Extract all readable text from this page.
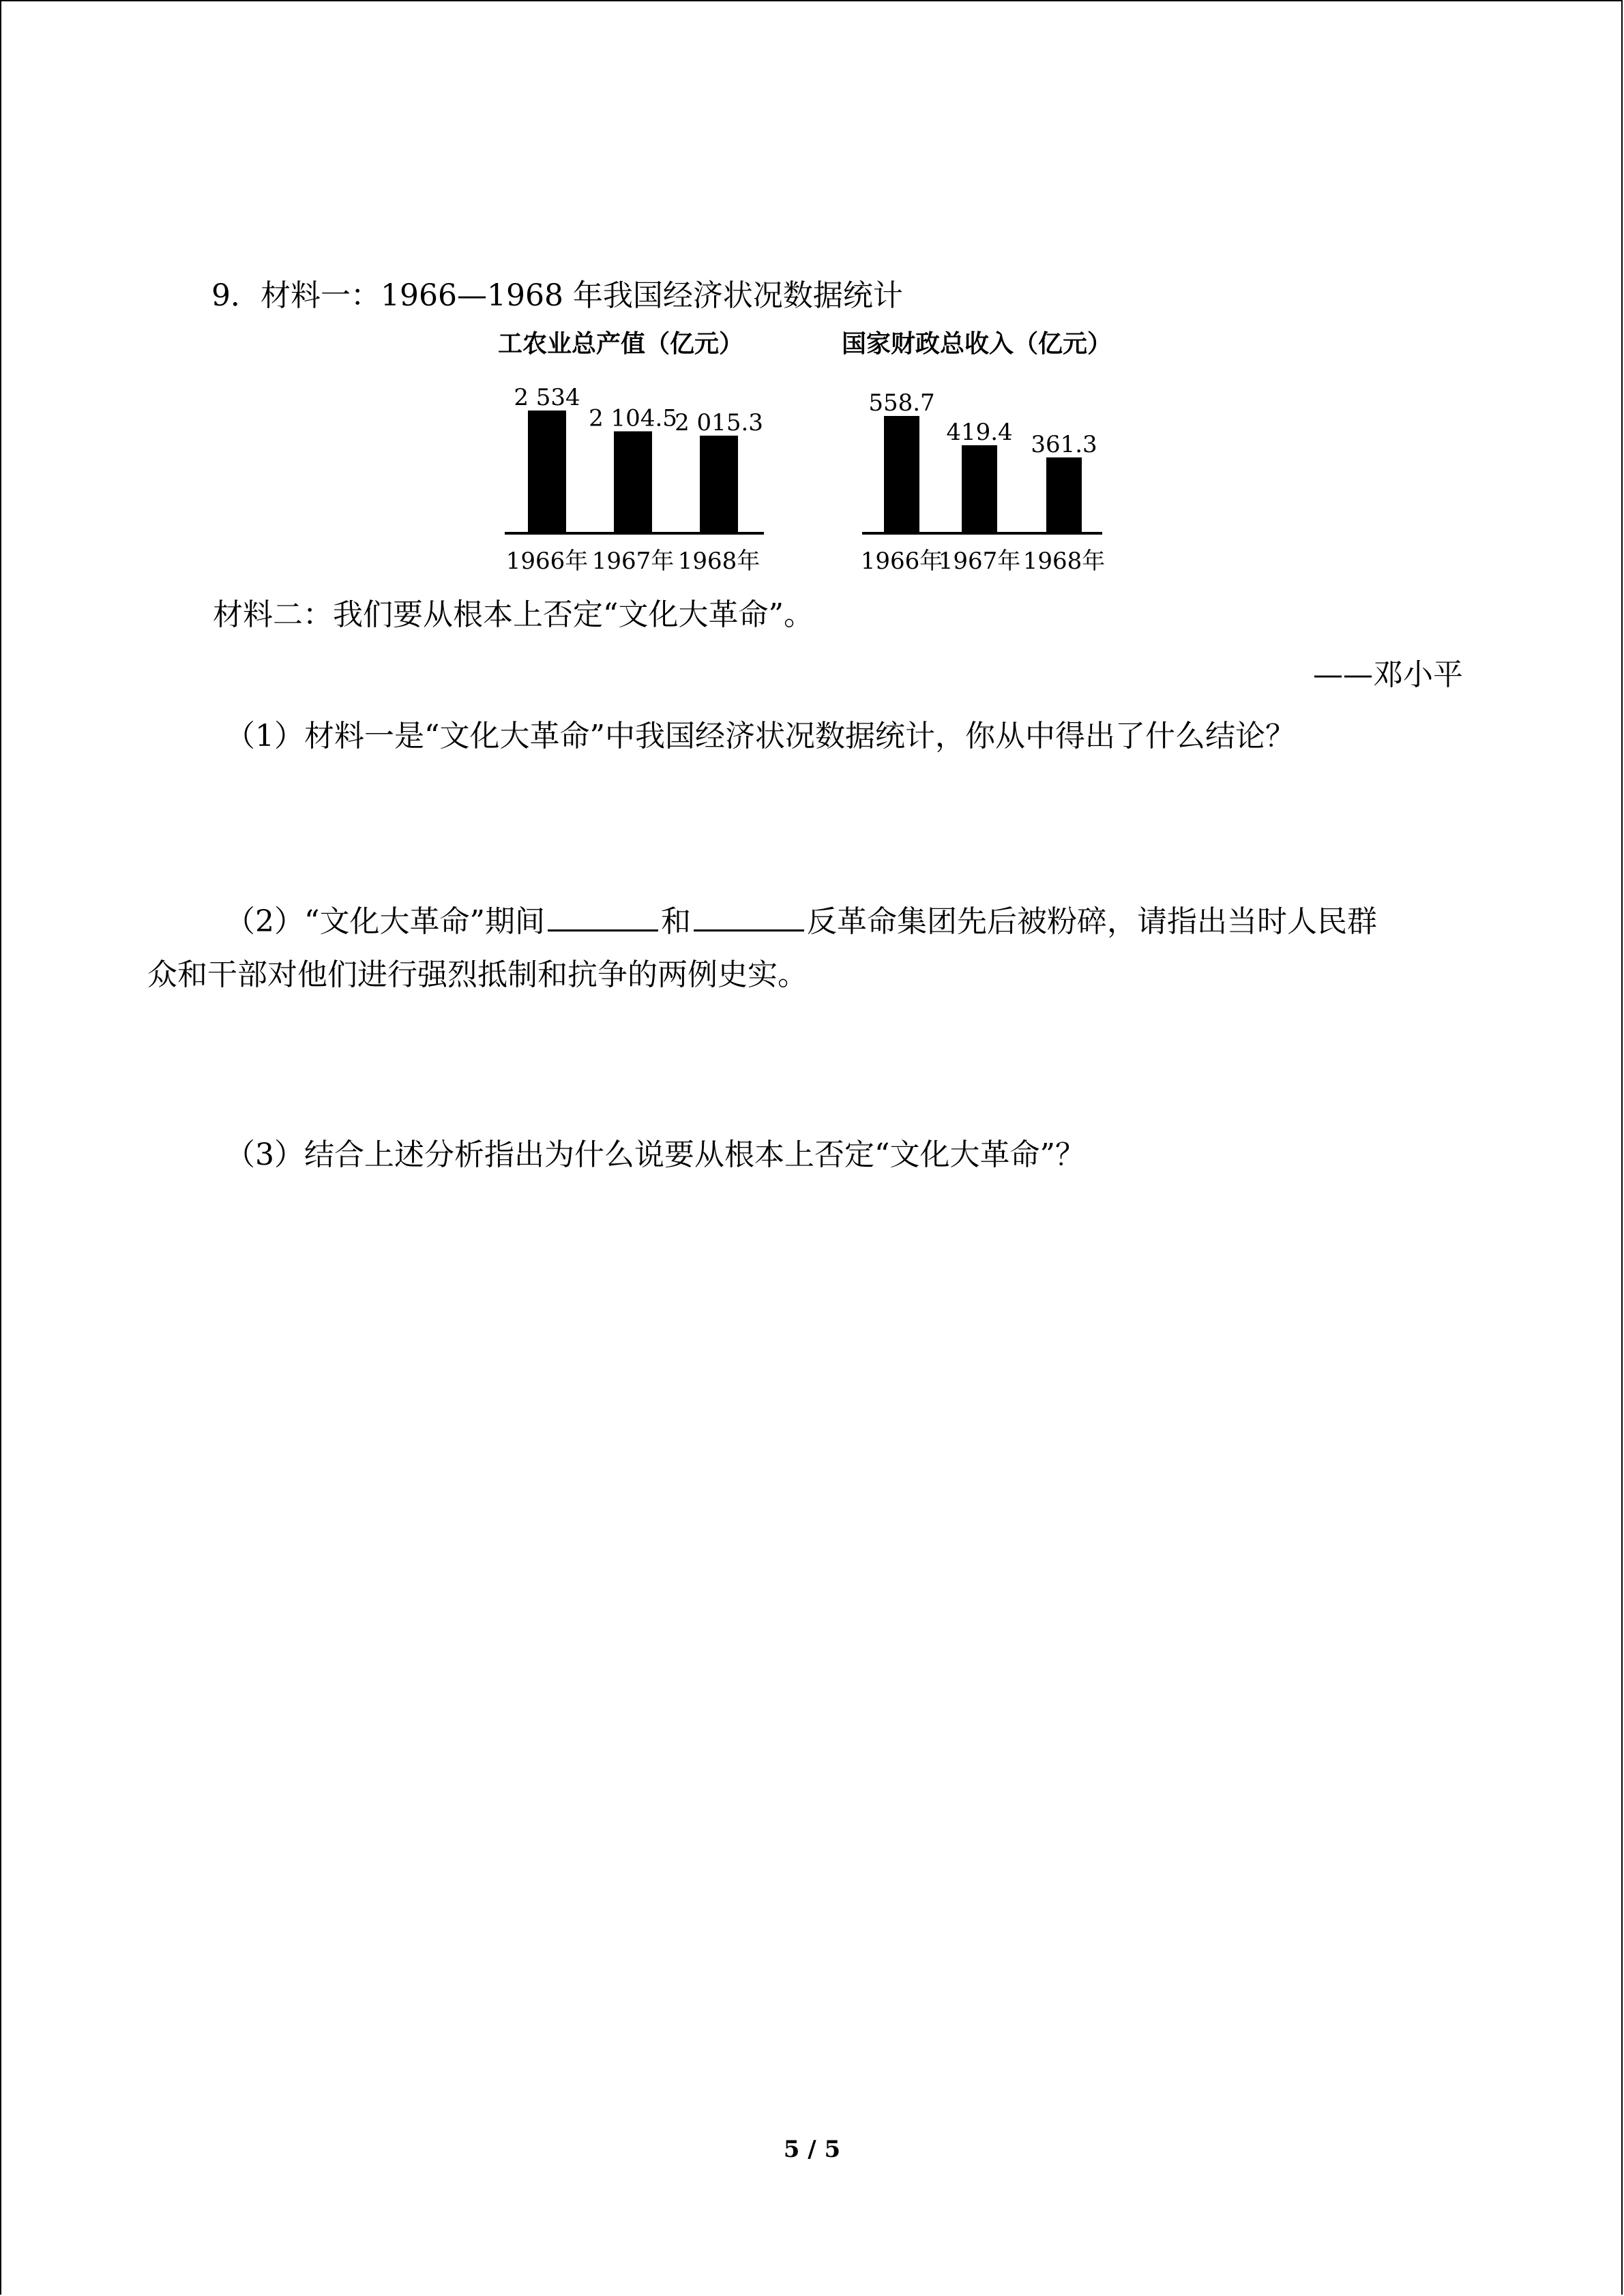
9．材料一：1966—1968 年我国经济状况数据统计
工农业总产值（亿元）
2 534
1966年
2 104.5
1967年
2 015.3
1968年
国家财政总收入（亿元）
558.7
1966年
419.4
1967年
361.3
1968年
材料二：我们要从根本上否定“文化大革命”。
——邓小平
（1）材料一是“文化大革命”中我国经济状况数据统计，你从中得出了什么结论？
（2）“文化大革命”期间	和	反革命集团先后被粉碎，请指出当时人民群
众和干部对他们进行强烈抵制和抗争的两例史实。
（3）结合上述分析指出为什么说要从根本上否定“文化大革命”？
5 / 5
